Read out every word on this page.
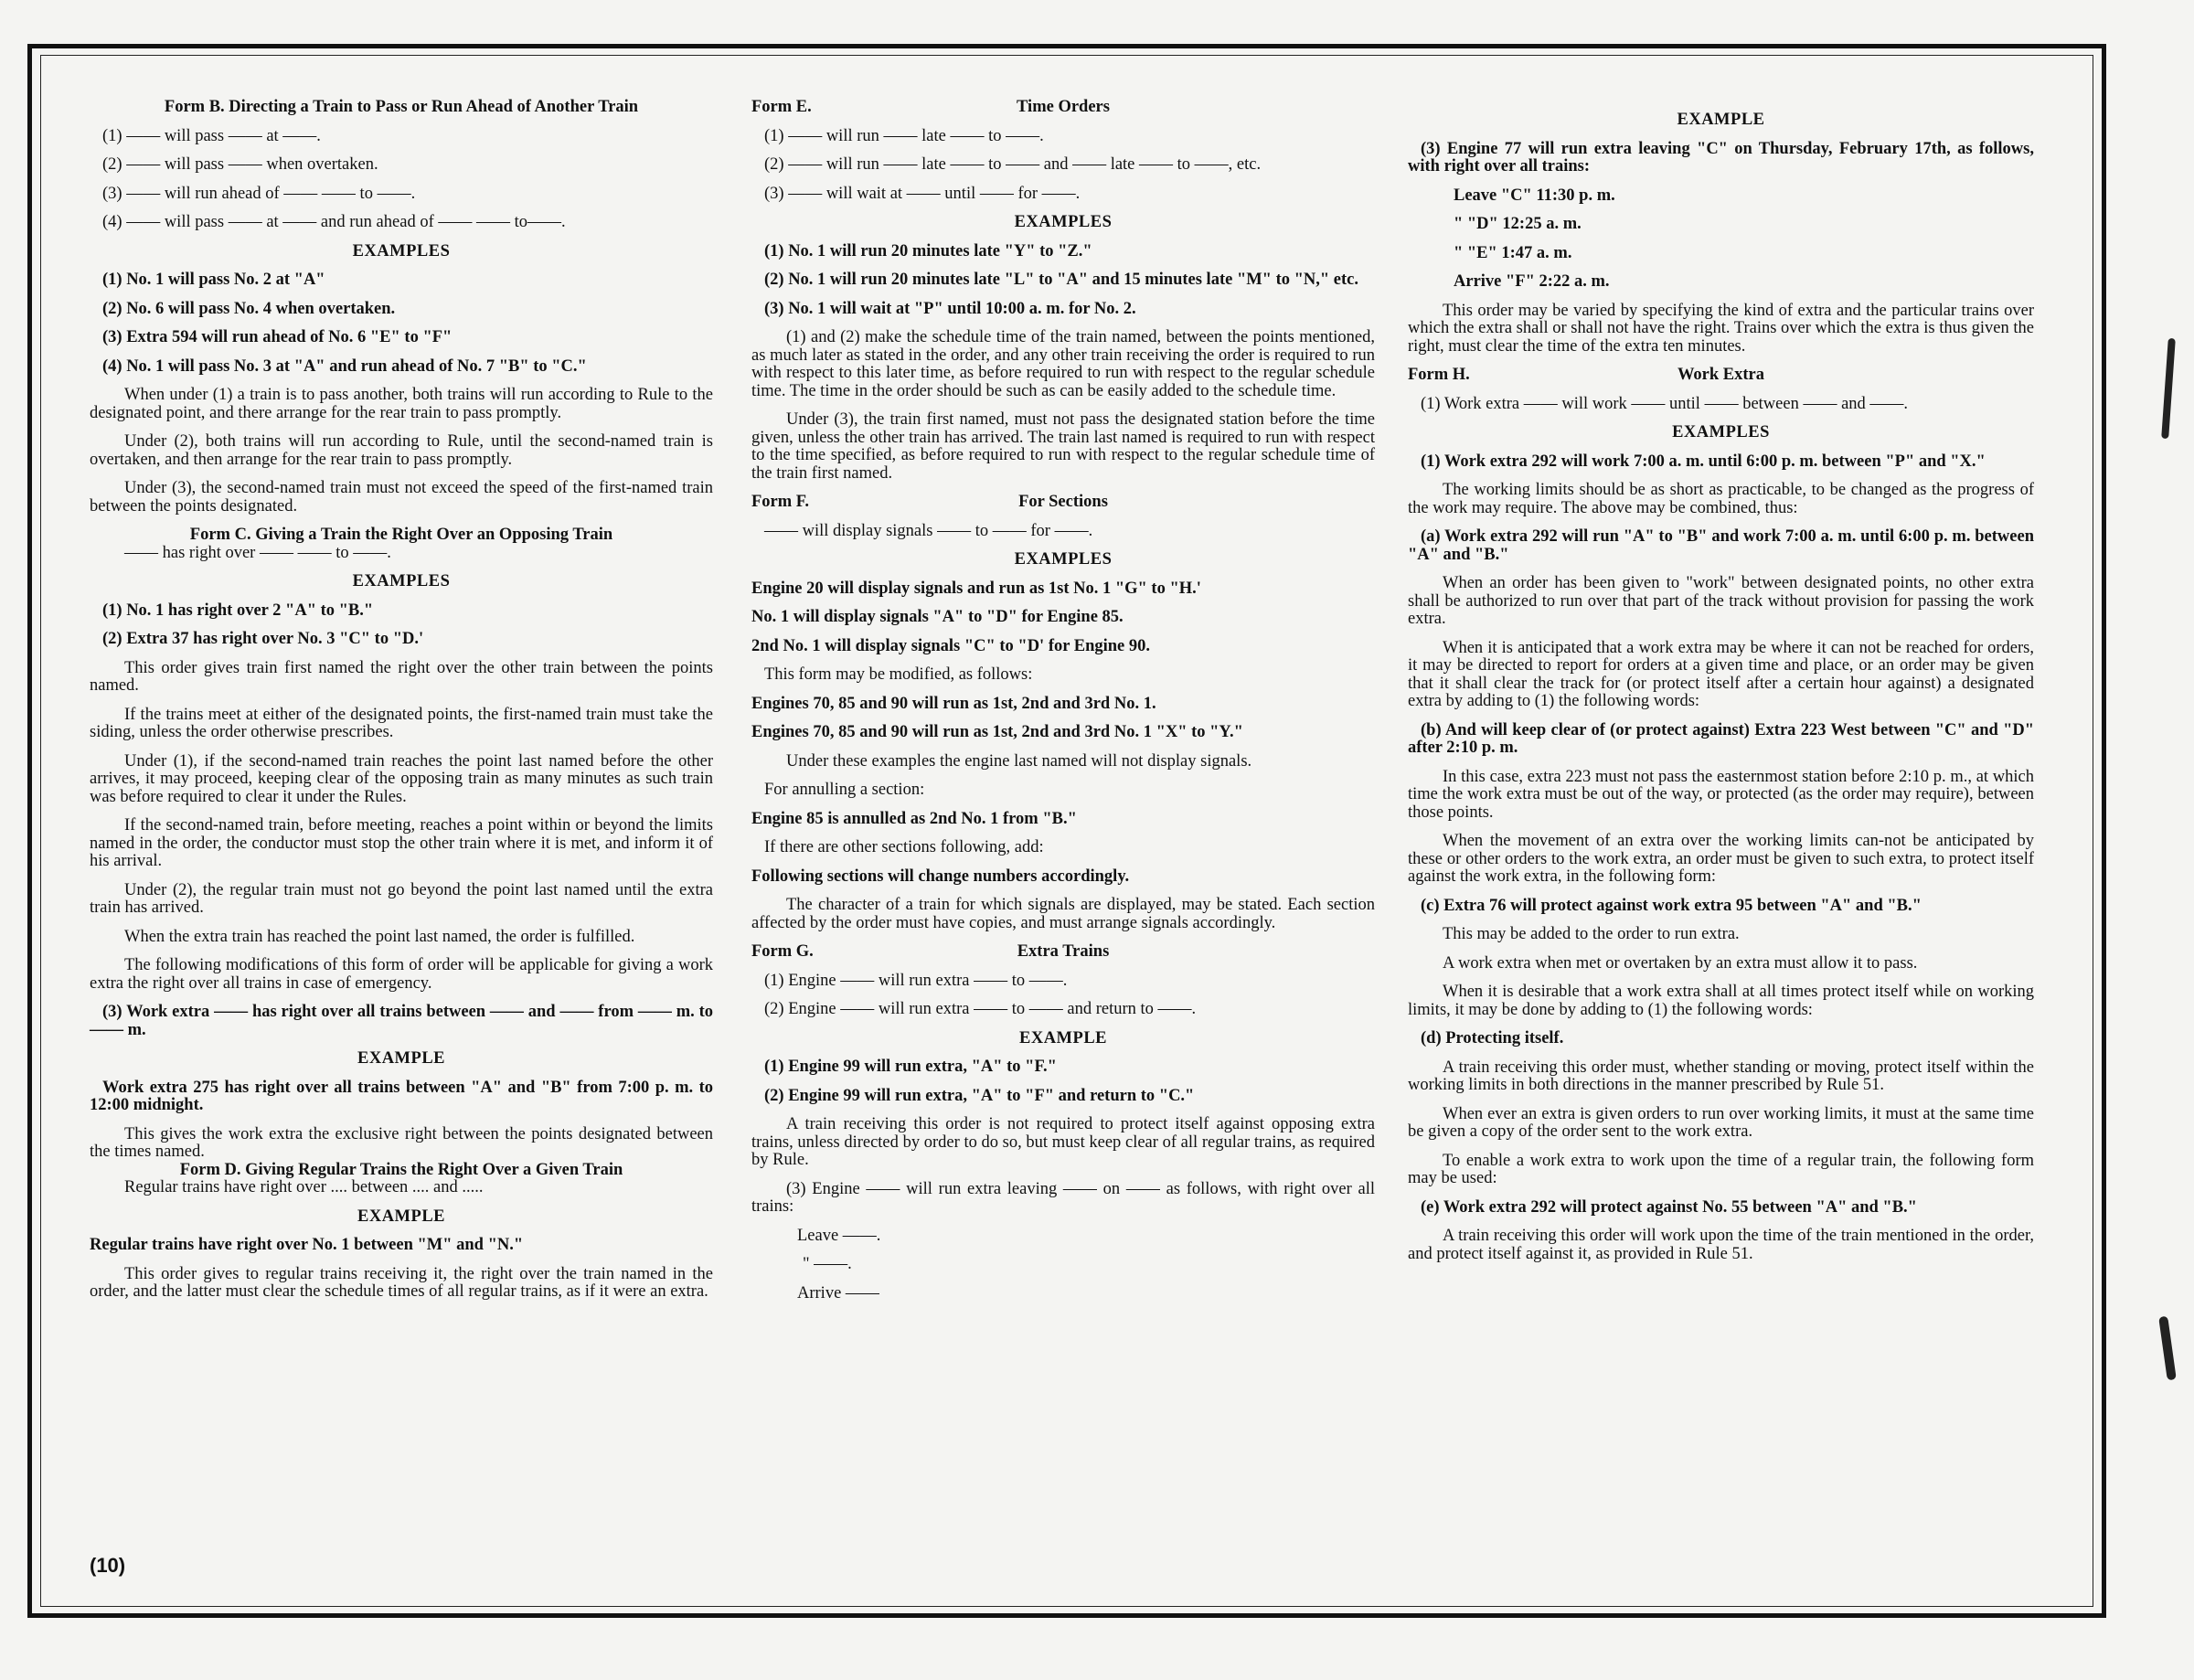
Form B. Directing a Train to Pass or Run Ahead of Another Train

(1) —— will pass —— at ——.

(2) —— will pass —— when overtaken.

(3) —— will run ahead of —— —— to ——.

(4) —— will pass —— at —— and run ahead of —— —— to——.

EXAMPLES

(1) No. 1 will pass No. 2 at "A"

(2) No. 6 will pass No. 4 when overtaken.

(3) Extra 594 will run ahead of No. 6 "E" to "F"

(4) No. 1 will pass No. 3 at "A" and run ahead of No. 7 "B" to "C."

When under (1) a train is to pass another, both trains will run according to Rule to the designated point, and there arrange for the rear train to pass promptly.

Under (2), both trains will run according to Rule, until the second-named train is overtaken, and then arrange for the rear train to pass promptly.

Under (3), the second-named train must not exceed the speed of the first-named train between the points designated.

Form C. Giving a Train the Right Over an Opposing Train

—— has right over —— —— to ——.

EXAMPLES

(1) No. 1 has right over 2 "A" to "B."

(2) Extra 37 has right over No. 3 "C" to "D.'

This order gives train first named the right over the other train between the points named.

If the trains meet at either of the designated points, the first-named train must take the siding, unless the order otherwise prescribes.

Under (1), if the second-named train reaches the point last named before the other arrives, it may proceed, keeping clear of the opposing train as many minutes as such train was before required to clear it under the Rules.

If the second-named train, before meeting, reaches a point within or beyond the limits named in the order, the conductor must stop the other train where it is met, and inform it of his arrival.

Under (2), the regular train must not go beyond the point last named until the extra train has arrived.

When the extra train has reached the point last named, the order is fulfilled.

The following modifications of this form of order will be applicable for giving a work extra the right over all trains in case of emergency.

(3) Work extra —— has right over all trains between —— and —— from —— m. to —— m.

EXAMPLE

Work extra 275 has right over all trains between "A" and "B" from 7:00 p. m. to 12:00 midnight.

This gives the work extra the exclusive right between the points designated between the times named.

Form D. Giving Regular Trains the Right Over a Given Train

Regular trains have right over .... between .... and .....

EXAMPLE

Regular trains have right over No. 1 between "M" and "N."

This order gives to regular trains receiving it, the right over the train named in the order, and the latter must clear the schedule times of all regular trains, as if it were an extra.

Form E.	Time Orders

(1) —— will run —— late —— to ——.

(2) —— will run —— late —— to —— and —— late —— to ——, etc.

(3) —— will wait at —— until —— for ——.

EXAMPLES

(1) No. 1 will run 20 minutes late "Y" to "Z."

(2) No. 1 will run 20 minutes late "L" to "A" and 15 minutes late "M" to "N," etc.

(3) No. 1 will wait at "P" until 10:00 a. m. for No. 2.

(1) and (2) make the schedule time of the train named, between the points mentioned, as much later as stated in the order, and any other train receiving the order is required to run with respect to this later time, as before required to run with respect to the regular schedule time. The time in the order should be such as can be easily added to the schedule time.

Under (3), the train first named, must not pass the designated station before the time given, unless the other train has arrived. The train last named is required to run with respect to the time specified, as before required to run with respect to the regular schedule time of the train first named.

Form F.	For Sections

—— will display signals —— to —— for ——.

EXAMPLES

Engine 20 will display signals and run as 1st No. 1 "G" to "H.'

No. 1 will display signals "A" to "D" for Engine 85.

2nd No. 1 will display signals "C" to "D' for Engine 90.

This form may be modified, as follows:

Engines 70, 85 and 90 will run as 1st, 2nd and 3rd No. 1.

Engines 70, 85 and 90 will run as 1st, 2nd and 3rd No. 1 "X" to "Y."

Under these examples the engine last named will not display signals.

For annulling a section:

Engine 85 is annulled as 2nd No. 1 from "B."

If there are other sections following, add:

Following sections will change numbers accordingly.

The character of a train for which signals are displayed, may be stated. Each section affected by the order must have copies, and must arrange signals accordingly.

Form G.	Extra Trains

(1) Engine —— will run extra —— to ——.

(2) Engine —— will run extra —— to —— and return to ——.

EXAMPLE

(1) Engine 99 will run extra, "A" to "F."

(2) Engine 99 will run extra, "A" to "F" and return to "C."

A train receiving this order is not required to protect itself against opposing extra trains, unless directed by order to do so, but must keep clear of all regular trains, as required by Rule.

(3) Engine —— will run extra leaving —— on —— as follows, with right over all trains:

Leave ——.

" ——.

Arrive ——

EXAMPLE

(3) Engine 77 will run extra leaving "C" on Thursday, February 17th, as follows, with right over all trains:

Leave "C" 11:30 p. m.

" "D" 12:25 a. m.

" "E" 1:47 a. m.

Arrive "F" 2:22 a. m.

This order may be varied by specifying the kind of extra and the particular trains over which the extra shall or shall not have the right. Trains over which the extra is thus given the right, must clear the time of the extra ten minutes.

Form H.	Work Extra

(1) Work extra —— will work —— until —— between —— and ——.

EXAMPLES

(1) Work extra 292 will work 7:00 a. m. until 6:00 p. m. between "P" and "X."

The working limits should be as short as practicable, to be changed as the progress of the work may require. The above may be combined, thus:

(a) Work extra 292 will run "A" to "B" and work 7:00 a. m. until 6:00 p. m. between "A" and "B."

When an order has been given to "work" between designated points, no other extra shall be authorized to run over that part of the track without provision for passing the work extra.

When it is anticipated that a work extra may be where it can not be reached for orders, it may be directed to report for orders at a given time and place, or an order may be given that it shall clear the track for (or protect itself after a certain hour against) a designated extra by adding to (1) the following words:

(b) And will keep clear of (or protect against) Extra 223 West between "C" and "D" after 2:10 p. m.

In this case, extra 223 must not pass the easternmost station before 2:10 p. m., at which time the work extra must be out of the way, or protected (as the order may require), between those points.

When the movement of an extra over the working limits can-not be anticipated by these or other orders to the work extra, an order must be given to such extra, to protect itself against the work extra, in the following form:

(c) Extra 76 will protect against work extra 95 between "A" and "B."

This may be added to the order to run extra.

A work extra when met or overtaken by an extra must allow it to pass.

When it is desirable that a work extra shall at all times protect itself while on working limits, it may be done by adding to (1) the following words:

(d) Protecting itself.

A train receiving this order must, whether standing or moving, protect itself within the working limits in both directions in the manner prescribed by Rule 51.

When ever an extra is given orders to run over working limits, it must at the same time be given a copy of the order sent to the work extra.

To enable a work extra to work upon the time of a regular train, the following form may be used:

(e) Work extra 292 will protect against No. 55 between "A" and "B."

A train receiving this order will work upon the time of the train mentioned in the order, and protect itself against it, as provided in Rule 51.

(10)
